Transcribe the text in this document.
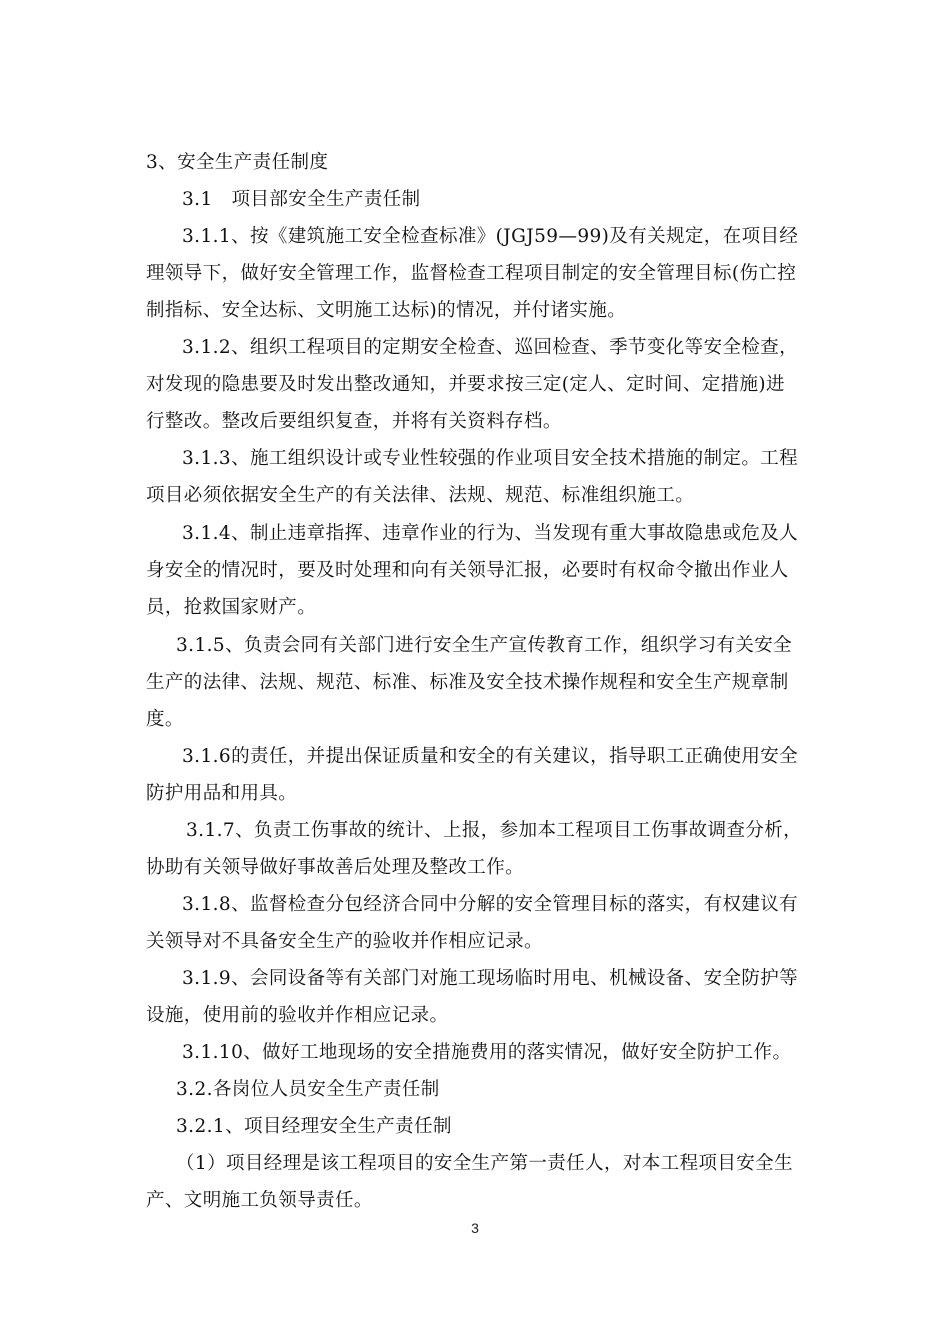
3、安全生产责任制度
3.1　项目部安全生产责任制
3.1.1、按《建筑施工安全检查标准》(JGJ59—99)及有关规定，在项目经
理领导下，做好安全管理工作，监督检查工程项目制定的安全管理目标(伤亡控
制指标、安全达标、文明施工达标)的情况，并付诸实施。
3.1.2、组织工程项目的定期安全检查、巡回检查、季节变化等安全检查，
对发现的隐患要及时发出整改通知，并要求按三定(定人、定时间、定措施)进
行整改。整改后要组织复查，并将有关资料存档。
3.1.3、施工组织设计或专业性较强的作业项目安全技术措施的制定。工程
项目必须依据安全生产的有关法律、法规、规范、标准组织施工。
3.1.4、制止违章指挥、违章作业的行为、当发现有重大事故隐患或危及人
身安全的情况时，要及时处理和向有关领导汇报，必要时有权命令撤出作业人
员，抢救国家财产。
3.1.5、负责会同有关部门进行安全生产宣传教育工作，组织学习有关安全
生产的法律、法规、规范、标准、标准及安全技术操作规程和安全生产规章制
度。
3.1.6的责任，并提出保证质量和安全的有关建议，指导职工正确使用安全
防护用品和用具。
3.1.7、负责工伤事故的统计、上报，参加本工程项目工伤事故调查分析，
协助有关领导做好事故善后处理及整改工作。
3.1.8、监督检查分包经济合同中分解的安全管理目标的落实，有权建议有
关领导对不具备安全生产的验收并作相应记录。
3.1.9、会同设备等有关部门对施工现场临时用电、机械设备、安全防护等
设施，使用前的验收并作相应记录。
3.1.10、做好工地现场的安全措施费用的落实情况，做好安全防护工作。
3.2.各岗位人员安全生产责任制
3.2.1、项目经理安全生产责任制
（1）项目经理是该工程项目的安全生产第一责任人，对本工程项目安全生
产、文明施工负领导责任。
3
